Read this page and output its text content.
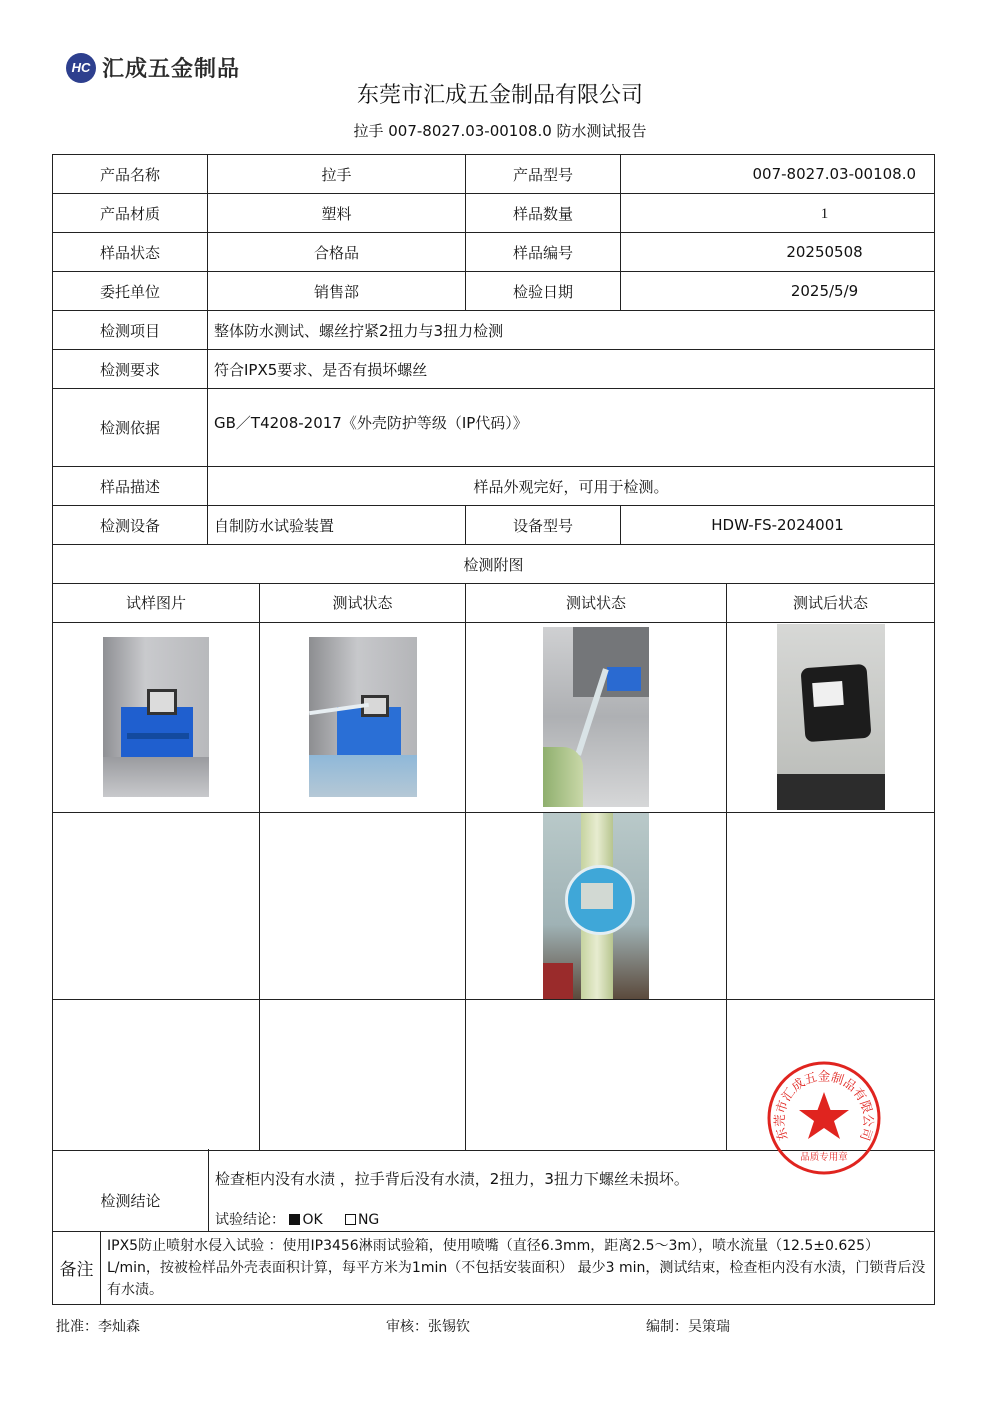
HC 汇成五金制品
东莞市汇成五金制品有限公司
拉手 007-8027.03-00108.0 防水测试报告
产品名称	拉手	产品型号	007-8027.03-00108.0
产品材质	塑料	样品数量	1
样品状态	合格品	样品编号	20250508
委托单位	销售部	检验日期	2025/5/9
检测项目	整体防水测试、螺丝拧紧2扭力与3扭力检测		
检测要求	符合IPX5要求、是否有损坏螺丝		
检测依据	GB／T4208-2017《外壳防护等级（IP代码）》		
样品描述	样品外观完好，可用于检测。		
检测设备	自制防水试验装置	设备型号	HDW-FS-2024001
检测附图			
试样图片	测试状态	测试状态	测试后状态

检测结论		检查柜内没有水渍 ，拉手背后没有水渍，2扭力，3扭力下螺丝未损坏。
		试验结论： OK NG
备注	IPX5防止喷射水侵入试验 ：使用IP3456淋雨试验箱，使用喷嘴（直径6.3mm，距离2.5～3m），喷水流量（12.5±0.625）L/min，按被检样品外壳表面积计算，每平方米为1min（不包括安装面积） 最少3 min，测试结束，检查柜内没有水渍，门锁背后没有水渍。	
东莞市汇成五金制品有限公司
品质专用章
批准：李灿森	审核：张锡钦	编制：吴策瑞
